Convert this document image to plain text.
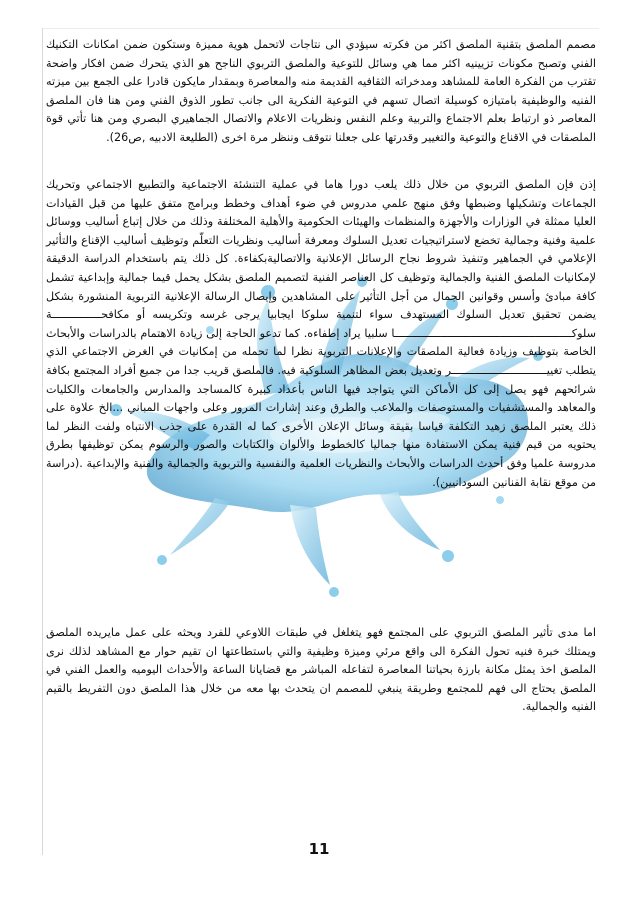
مصمم الملصق بتقنية الملصق اكثر من فكرته سيؤدي الى نتاجات لاتحمل هوية مميزة وستكون ضمن امكانات التكنيك الفني وتصبح مكونات تزيينيه اكثر مما هي وسائل للتوعية والملصق التربوي الناجح هو الذي يتحرك ضمن افكار واضحة تقترب من الفكرة العامة للمشاهد ومدخراته الثقافيه القديمة منه والمعاصرة وبمقدار مايكون قادرا على الجمع بين ميزته الفنيه والوظيفية بامتيازه كوسيلة اتصال تسهم في التوعية الفكرية الى جانب تطور الذوق الفني ومن هنا فان الملصق المعاصر ذو ارتباط بعلم الاجتماع والتربية وعلم النفس ونظريات الاعلام والاتصال الجماهيري البصري ومن هنا تأتي قوة الملصقات في الاقناع والتوعية والتغيير وقدرتها على جعلنا نتوقف وننظر مرة اخرى (الطليعة الادبيه ,ص26).

إذن فإن الملصق التربوي من خلال ذلك يلعب دورا هاما في عملية التنشئة الاجتماعية والتطبيع الاجتماعي وتحريك الجماعات وتشكيلها وضبطها وفق منهج علمي مدروس في ضوء أهداف وخطط وبرامج متفق عليها من قبل القيادات العليا ممثلة في الوزارات والأجهزة والمنظمات والهيئات الحكومية والأهلية المختلفة وذلك من خلال إتباع أساليب ووسائل علمية وفنية وجمالية تخضع لاستراتيجيات تعديل السلوك ومعرفة أساليب ونظريات التعلّم وتوظيف أساليب الإقناع والتأثير الإعلامي في الجماهير وتنفيذ شروط نجاح الرسائل الإعلانية والاتصاليةبكفاءة. كل ذلك يتم باستخدام الدراسة الدقيقة لإمكانيات الملصق الفنية والجمالية وتوظيف كل العناصر الفنية لتصميم الملصق بشكل يحمل قيما جمالية وإبداعية تشمل كافة مبادئ وأسس وقوانين الجمال من أجل التأثير على المشاهدين وإيصال الرسالة الإعلانية التربوية المنشورة بشكل يضمن تحقيق تعديل السلوك المستهدف سواء لتنمية سلوكا ايجابيا يرجى غرسه وتكريسه أو مكافحـــــــــــــــة سلوكــــــــــــــــــــــــــــــــــــــــــــــــــــــا سلبيا يراد إطفاءه. كما تدعو الحاجة إلى زيادة الاهتمام بالدراسات والأبحاث الخاصة بتوظيف وزيادة فعالية الملصقات والإعلانات التربوية نظرا لما تحمله من إمكانيات في الغرض الاجتماعي الذي يتطلب تغييـــــــــــــــــــــــــــــر وتعديل بعض المظاهر السلوكية فيه. فالملصق قريب جدا من جميع أفراد المجتمع بكافة شرائحهم فهو يصل إلى كل الأماكن التي يتواجد فيها الناس بأعداد كبيرة كالمساجد والمدارس والجامعات والكليات والمعاهد والمستشفيات والمستوصفات والملاعب والطرق وعند إشارات المرور وعلى واجهات المباني ...الخ علاوة على ذلك يعتبر الملصق زهيد التكلفة قياسا بقيقة وسائل الإعلان الأخرى كما له القدرة على جذب الانتباه ولفت النظر لما يحتويه من قيم فنية يمكن الاستفادة منها جماليا كالخطوط والألوان والكتابات والصور والرسوم يمكن توظيفها بطرق مدروسة علميا وفق أحدث الدراسات والأبحاث والنظريات العلمية والنفسية والتربوية والجمالية والفنية والإبداعية .(دراسة من موقع نقابة الفنانين السودانيين).

اما مدى تأثير الملصق التربوي على المجتمع فهو يتغلغل في طبقات اللاوعي للفرد ويحثه على عمل مايريده الملصق ويمتلك خبرة فنيه تحول الفكرة الى واقع مرئي وميزة وظيفية والتي باستطاعتها ان تقيم حوار مع المشاهد لذلك نرى الملصق اخذ يمثل مكانة بارزة بحياتنا المعاصرة لتفاعله المباشر مع قضايانا الساعة والأحداث اليوميه والعمل الفني في الملصق يحتاج الى فهم للمجتمع وطريقة ينبغي للمصمم ان يتحدث بها معه من خلال هذا الملصق دون التفريط بالقيم الفنيه والجمالية.

11
